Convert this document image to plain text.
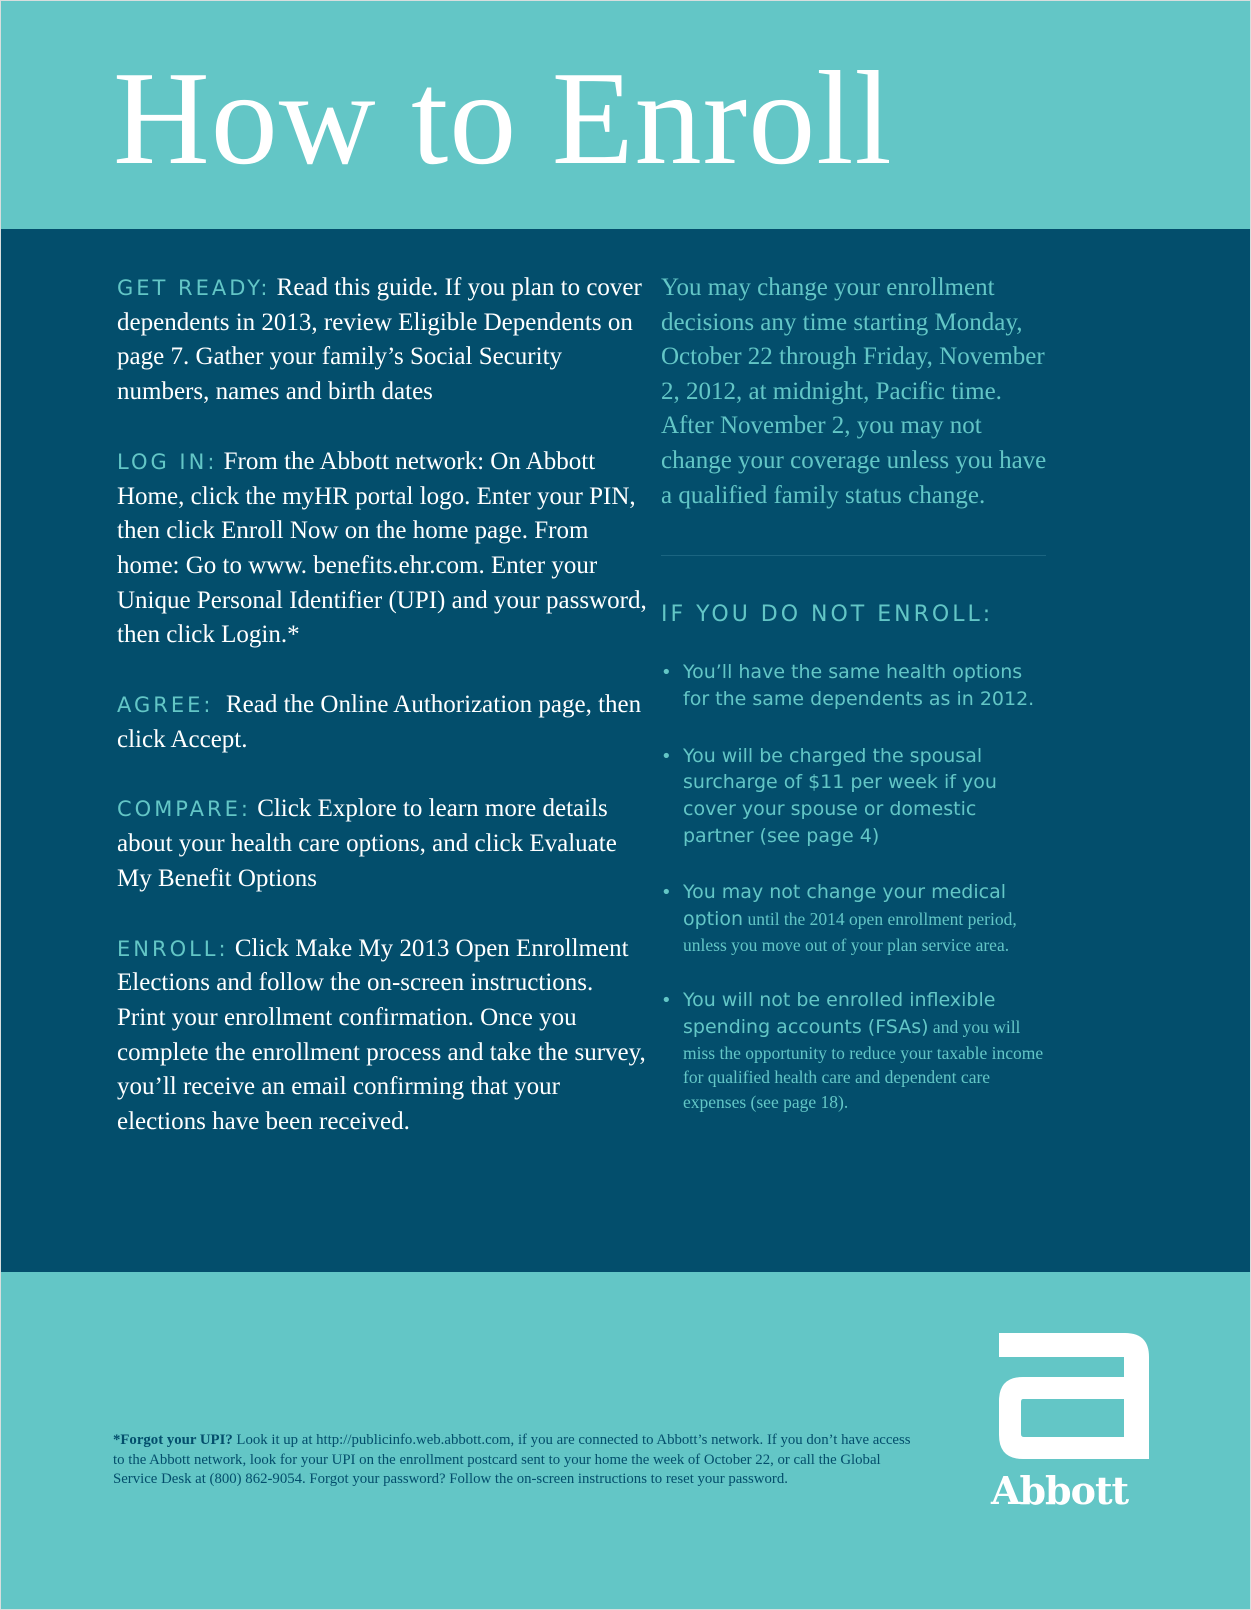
How to Enroll

GET READY: Read this guide. If you plan to cover dependents in 2013, review Eligible Dependents on page 7. Gather your family’s Social Security numbers, names and birth dates

LOG IN: From the Abbott network: On Abbott Home, click the myHR portal logo. Enter your PIN, then click Enroll Now on the home page. From home: Go to www. benefits.ehr.com. Enter your Unique Personal Identifier (UPI) and your password, then click Login.*

AGREE:  Read the Online Authorization page, then click Accept.

COMPARE: Click Explore to learn more details about your health care options, and click Evaluate My Benefit Options

ENROLL: Click Make My 2013 Open Enrollment Elections and follow the on-screen instructions. Print your enrollment confirmation. Once you complete the enrollment process and take the survey, you’ll receive an email confirming that your elections have been received.

You may change your enrollment decisions any time starting Monday, October 22 through Friday, November 2, 2012, at midnight, Pacific time. After November 2, you may not change your coverage unless you have a qualified family status change.

IF YOU DO NOT ENROLL:
• You’ll have the same health options for the same dependents as in 2012.
• You will be charged the spousal surcharge of $11 per week if you cover your spouse or domestic partner (see page 4)
• You may not change your medical option until the 2014 open enrollment period, unless you move out of your plan service area.
• You will not be enrolled inflexible spending accounts (FSAs) and you will miss the opportunity to reduce your taxable income for qualified health care and dependent care expenses (see page 18).

*Forgot your UPI? Look it up at http://publicinfo.web.abbott.com, if you are connected to Abbott’s network. If you don’t have access to the Abbott network, look for your UPI on the enrollment postcard sent to your home the week of October 22, or call the Global Service Desk at (800) 862-9054. Forgot your password? Follow the on-screen instructions to reset your password.	Abbott
